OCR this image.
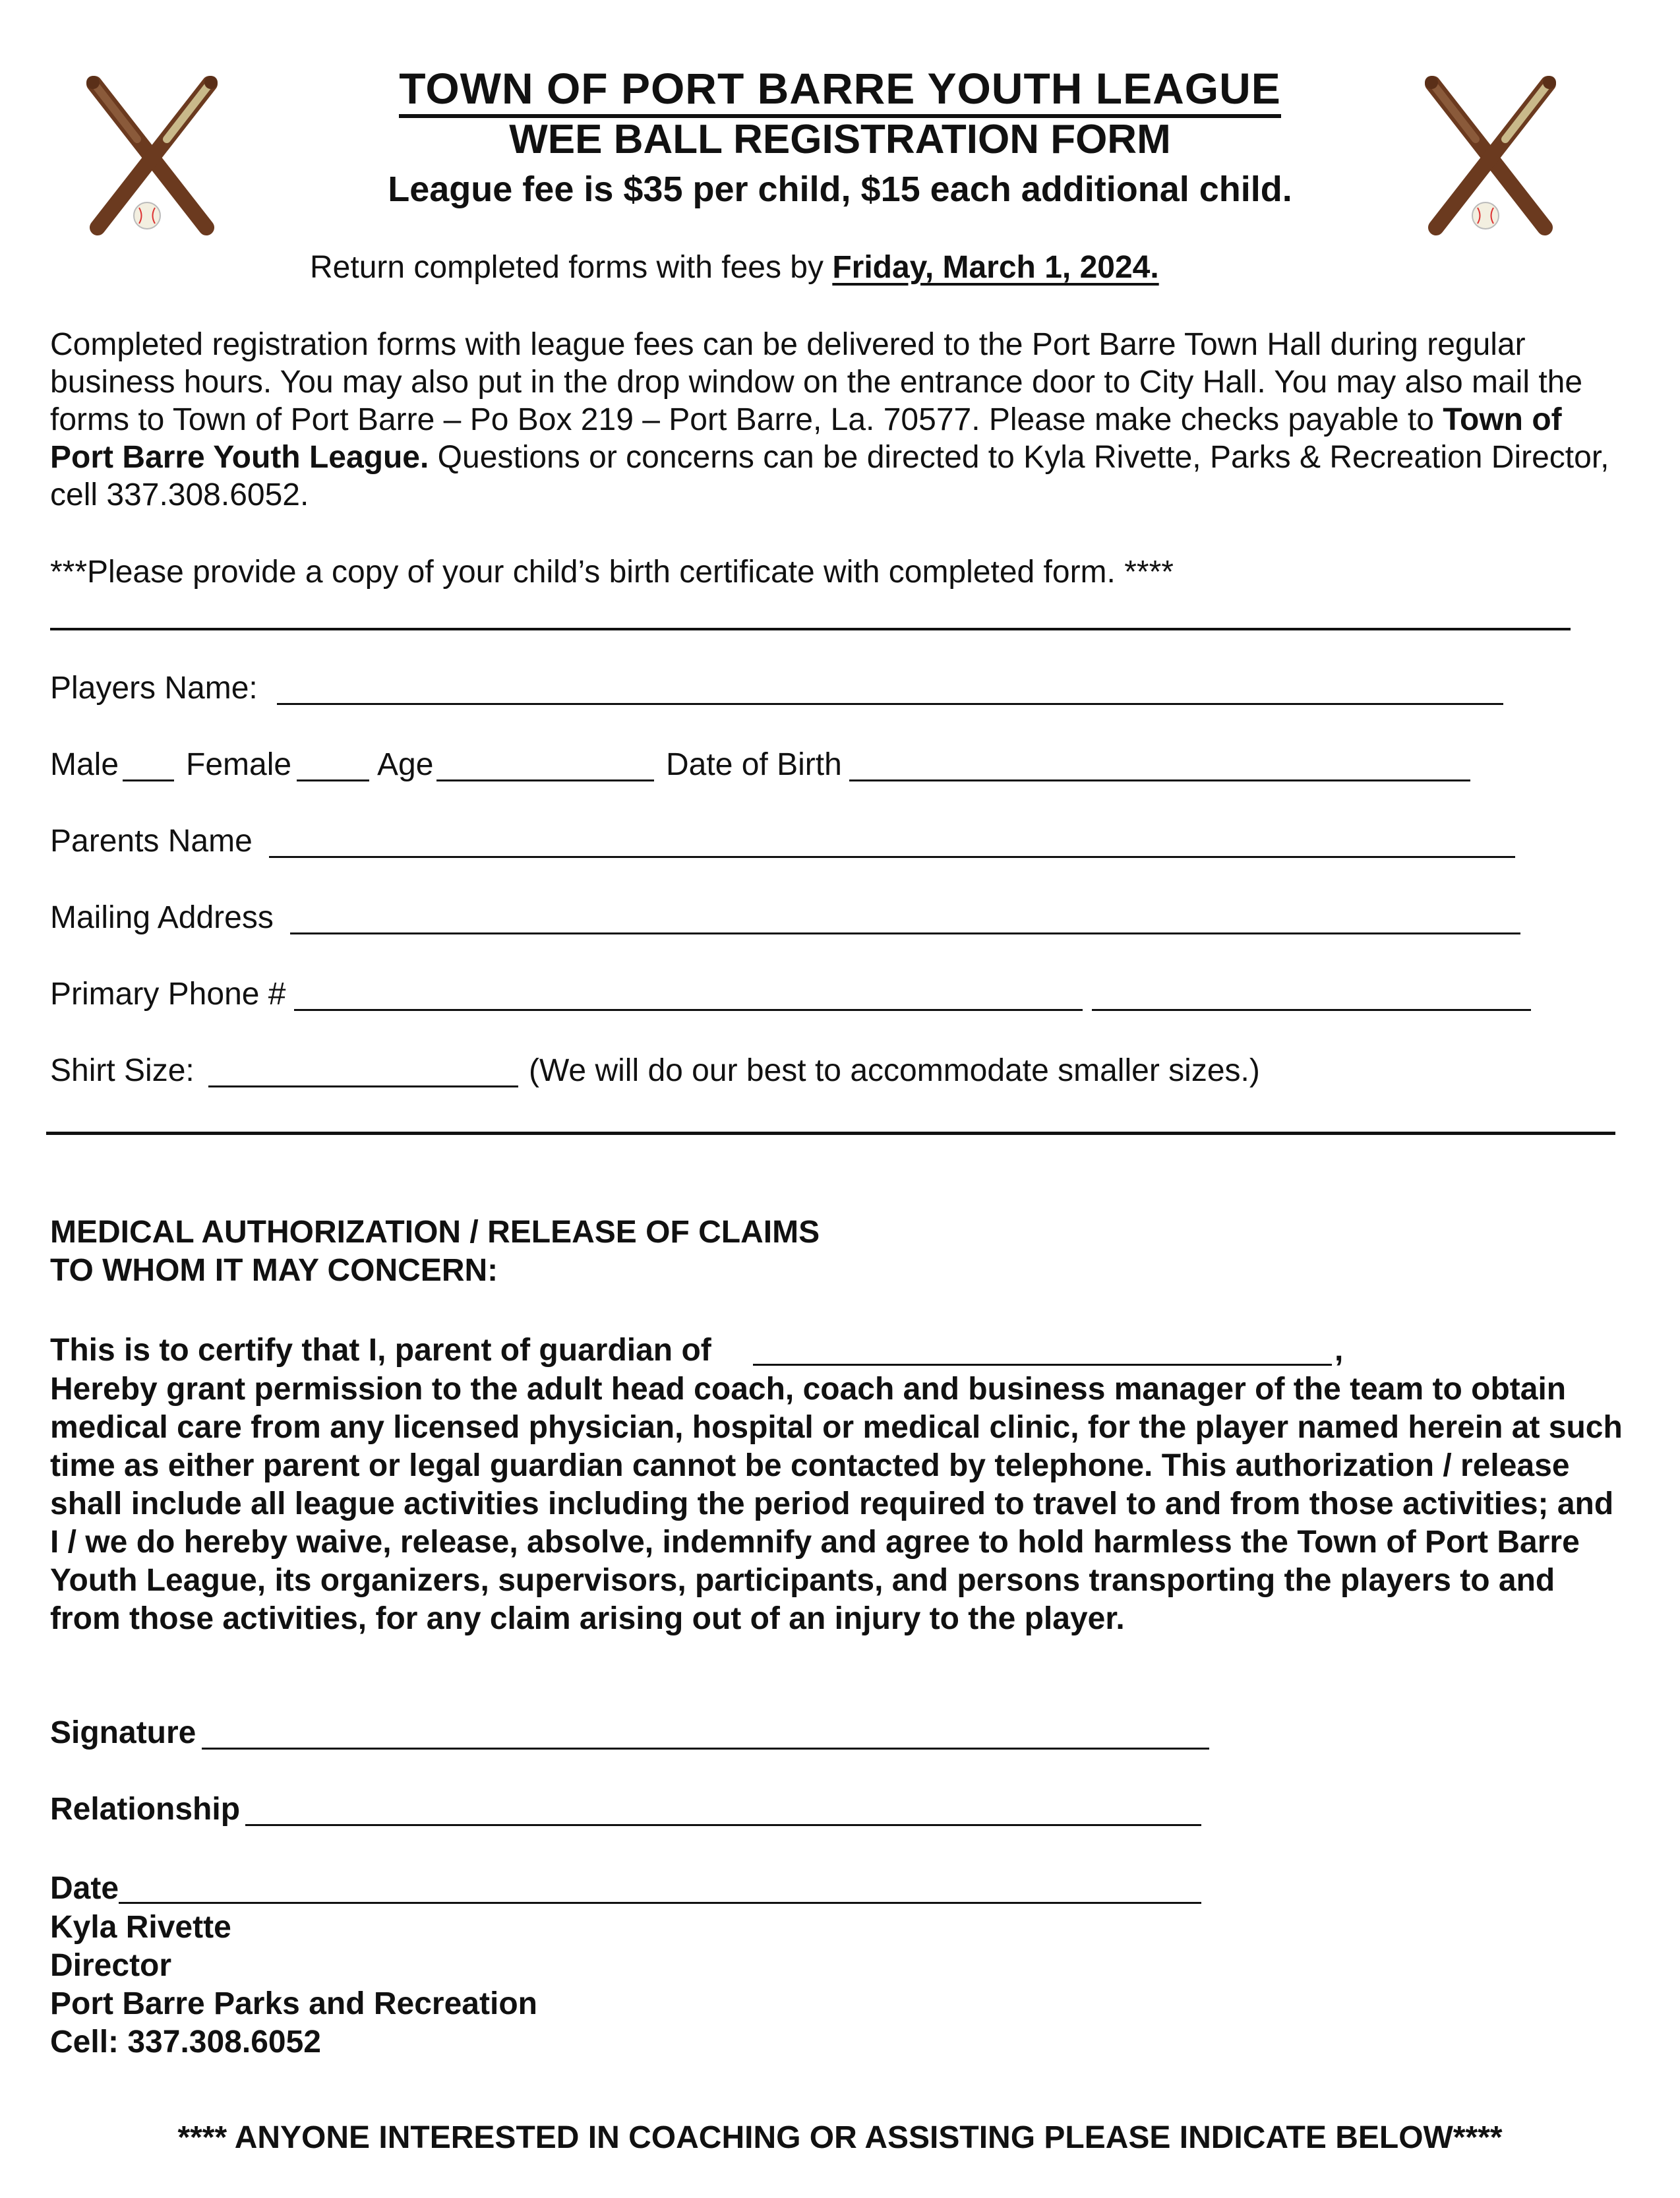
TOWN OF PORT BARRE YOUTH LEAGUE
WEE BALL REGISTRATION FORM
League fee is $35 per child, $15 each additional child.
Return completed forms with fees by Friday, March 1, 2024.
Completed registration forms with league fees can be delivered to the Port Barre Town Hall during regular business hours. You may also put in the drop window on the entrance door to City Hall. You may also mail the forms to Town of Port Barre – Po Box 219 – Port Barre, La. 70577. Please make checks payable to Town of Port Barre Youth League. Questions or concerns can be directed to Kyla Rivette, Parks & Recreation Director, cell 337.308.6052.
***Please provide a copy of your child’s birth certificate with completed form. ****
Players Name:
Male Female	Age	Date of Birth
Parents Name
Mailing Address
Primary Phone #
Shirt Size:	(We will do our best to accommodate smaller sizes.)
MEDICAL AUTHORIZATION / RELEASE OF CLAIMS
TO WHOM IT MAY CONCERN:
This is to certify that I, parent of guardian of	,
Hereby grant permission to the adult head coach, coach and business manager of the team to obtain medical care from any licensed physician, hospital or medical clinic, for the player named herein at such time as either parent or legal guardian cannot be contacted by telephone. This authorization / release shall include all league activities including the period required to travel to and from those activities; and I / we do hereby waive, release, absolve, indemnify and agree to hold harmless the Town of Port Barre Youth League, its organizers, supervisors, participants, and persons transporting the players to and from those activities, for any claim arising out of an injury to the player.
Signature
Relationship
Date
Kyla Rivette
Director
Port Barre Parks and Recreation
Cell: 337.308.6052
**** ANYONE INTERESTED IN COACHING OR ASSISTING PLEASE INDICATE BELOW****
